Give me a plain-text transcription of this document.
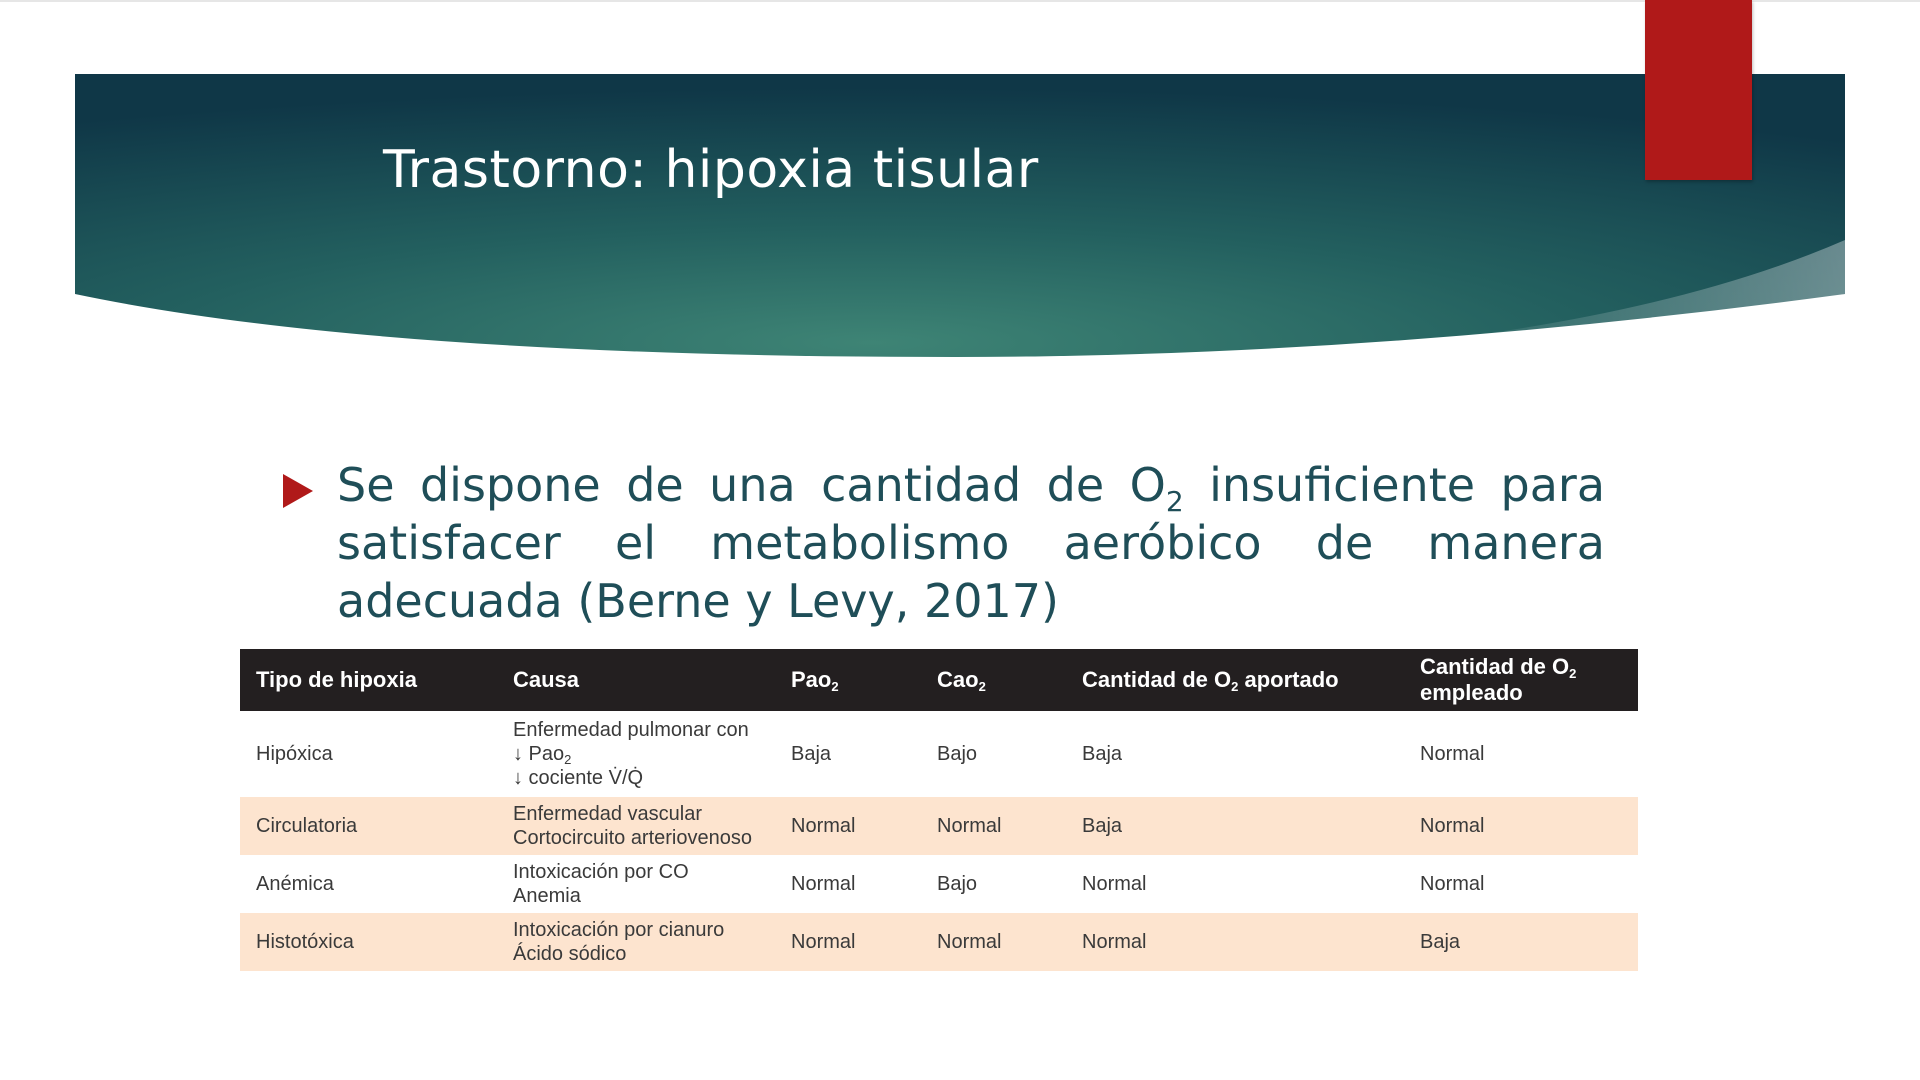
Trastorno: hipoxia tisular

Se dispone de una cantidad de $O_2$ insuficiente para satisfacer el metabolismo aeróbico de manera adecuada (Berne y Levy, 2017)

Tipo de hipoxia	Causa	Pao2	Cao2	Cantidad de O2 aportado	Cantidad de O2
empleado
Hipóxica	Enfermedad pulmonar con
↓ Pao$_2$
↓ cociente V̇/Q̇	Baja	Bajo	Baja	Normal
Circulatoria	Enfermedad vascular
Cortocircuito arteriovenoso	Normal	Normal	Baja	Normal
Anémica	Intoxicación por CO
Anemia	Normal	Bajo	Normal	Normal
Histotóxica	Intoxicación por cianuro
Ácido sódico	Normal	Normal	Normal	Baja
